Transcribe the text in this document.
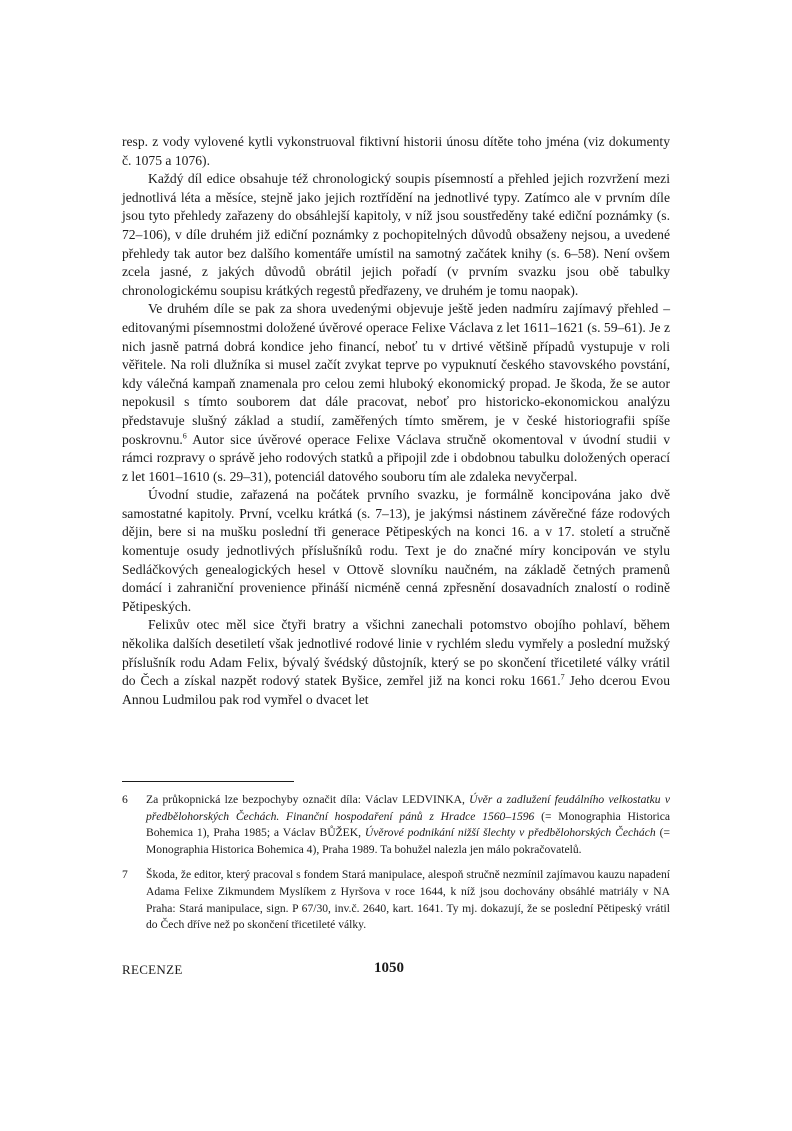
resp. z vody vylovené kytli vykonstruoval fiktivní historii únosu dítěte toho jména (viz dokumenty č. 1075 a 1076).

Každý díl edice obsahuje též chronologický soupis písemností a přehled jejich rozvržení mezi jednotlivá léta a měsíce, stejně jako jejich roztřídění na jednotlivé typy. Zatímco ale v prvním díle jsou tyto přehledy zařazeny do obsáhlejší kapitoly, v níž jsou soustředěny také ediční poznámky (s. 72–106), v díle druhém již ediční poznámky z pochopitelných důvodů obsaženy nejsou, a uvedené přehledy tak autor bez dalšího komentáře umístil na samotný začátek knihy (s. 6–58). Není ovšem zcela jasné, z jakých důvodů obrátil jejich pořadí (v prvním svazku jsou obě tabulky chronologickému soupisu krátkých regestů předřazeny, ve druhém je tomu naopak).

Ve druhém díle se pak za shora uvedenými objevuje ještě jeden nadmíru zajímavý přehled – editovanými písemnostmi doložené úvěrové operace Felixe Václava z let 1611–1621 (s. 59–61). Je z nich jasně patrná dobrá kondice jeho financí, neboť tu v drtivé většině případů vystupuje v roli věřitele. Na roli dlužníka si musel začít zvykat teprve po vypuknutí českého stavovského povstání, kdy válečná kampaň znamenala pro celou zemi hluboký ekonomický propad. Je škoda, že se autor nepokusil s tímto souborem dat dále pracovat, neboť pro historicko-ekonomickou analýzu představuje slušný základ a studií, zaměřených tímto směrem, je v české historiografii spíše poskrovnu.$^6$ Autor sice úvěrové operace Felixe Václava stručně okomentoval v úvodní studii v rámci rozpravy o správě jeho rodových statků a připojil zde i obdobnou tabulku doložených operací z let 1601–1610 (s. 29–31), potenciál datového souboru tím ale zdaleka nevyčerpal.

Úvodní studie, zařazená na počátek prvního svazku, je formálně koncipována jako dvě samostatné kapitoly. První, vcelku krátká (s. 7–13), je jakýmsi nástinem závěrečné fáze rodových dějin, bere si na mušku poslední tři generace Pětipeských na konci 16. a v 17. století a stručně komentuje osudy jednotlivých příslušníků rodu. Text je do značné míry koncipován ve stylu Sedláčkových genealogických hesel v Ottově slovníku naučném, na základě četných pramenů domácí i zahraniční provenience přináší nicméně cenná zpřesnění dosavadních znalostí o rodině Pětipeských.

Felixův otec měl sice čtyři bratry a všichni zanechali potomstvo obojího pohlaví, během několika dalších desetiletí však jednotlivé rodové linie v rychlém sledu vymřely a poslední mužský příslušník rodu Adam Felix, bývalý švédský důstojník, který se po skončení třicetileté války vrátil do Čech a získal nazpět rodový statek Byšice, zemřel již na konci roku 1661.$^7$ Jeho dcerou Evou Annou Ludmilou pak rod vymřel o dvacet let

6	Za průkopnická lze bezpochyby označit díla: Václav LEDVINKA, Úvěr a zadlužení feudálního velkostatku v předbělohorských Čechách. Finanční hospodaření pánů z Hradce 1560–1596 (= Monographia Historica Bohemica 1), Praha 1985; a Václav BŮŽEK, Úvěrové podnikání nižší šlechty v předbělohorských Čechách (= Monographia Historica Bohemica 4), Praha 1989. Ta bohužel nalezla jen málo pokračovatelů.
7	Škoda, že editor, který pracoval s fondem Stará manipulace, alespoň stručně nezmínil zajímavou kauzu napadení Adama Felixe Zikmundem Myslíkem z Hyršova v roce 1644, k níž jsou dochovány obsáhlé matriály v NA Praha: Stará manipulace, sign. P 67/30, inv.č. 2640, kart. 1641. Ty mj. dokazují, že se poslední Pětipeský vrátil do Čech dříve než po skončení třicetileté války.
RECENZE	1050
